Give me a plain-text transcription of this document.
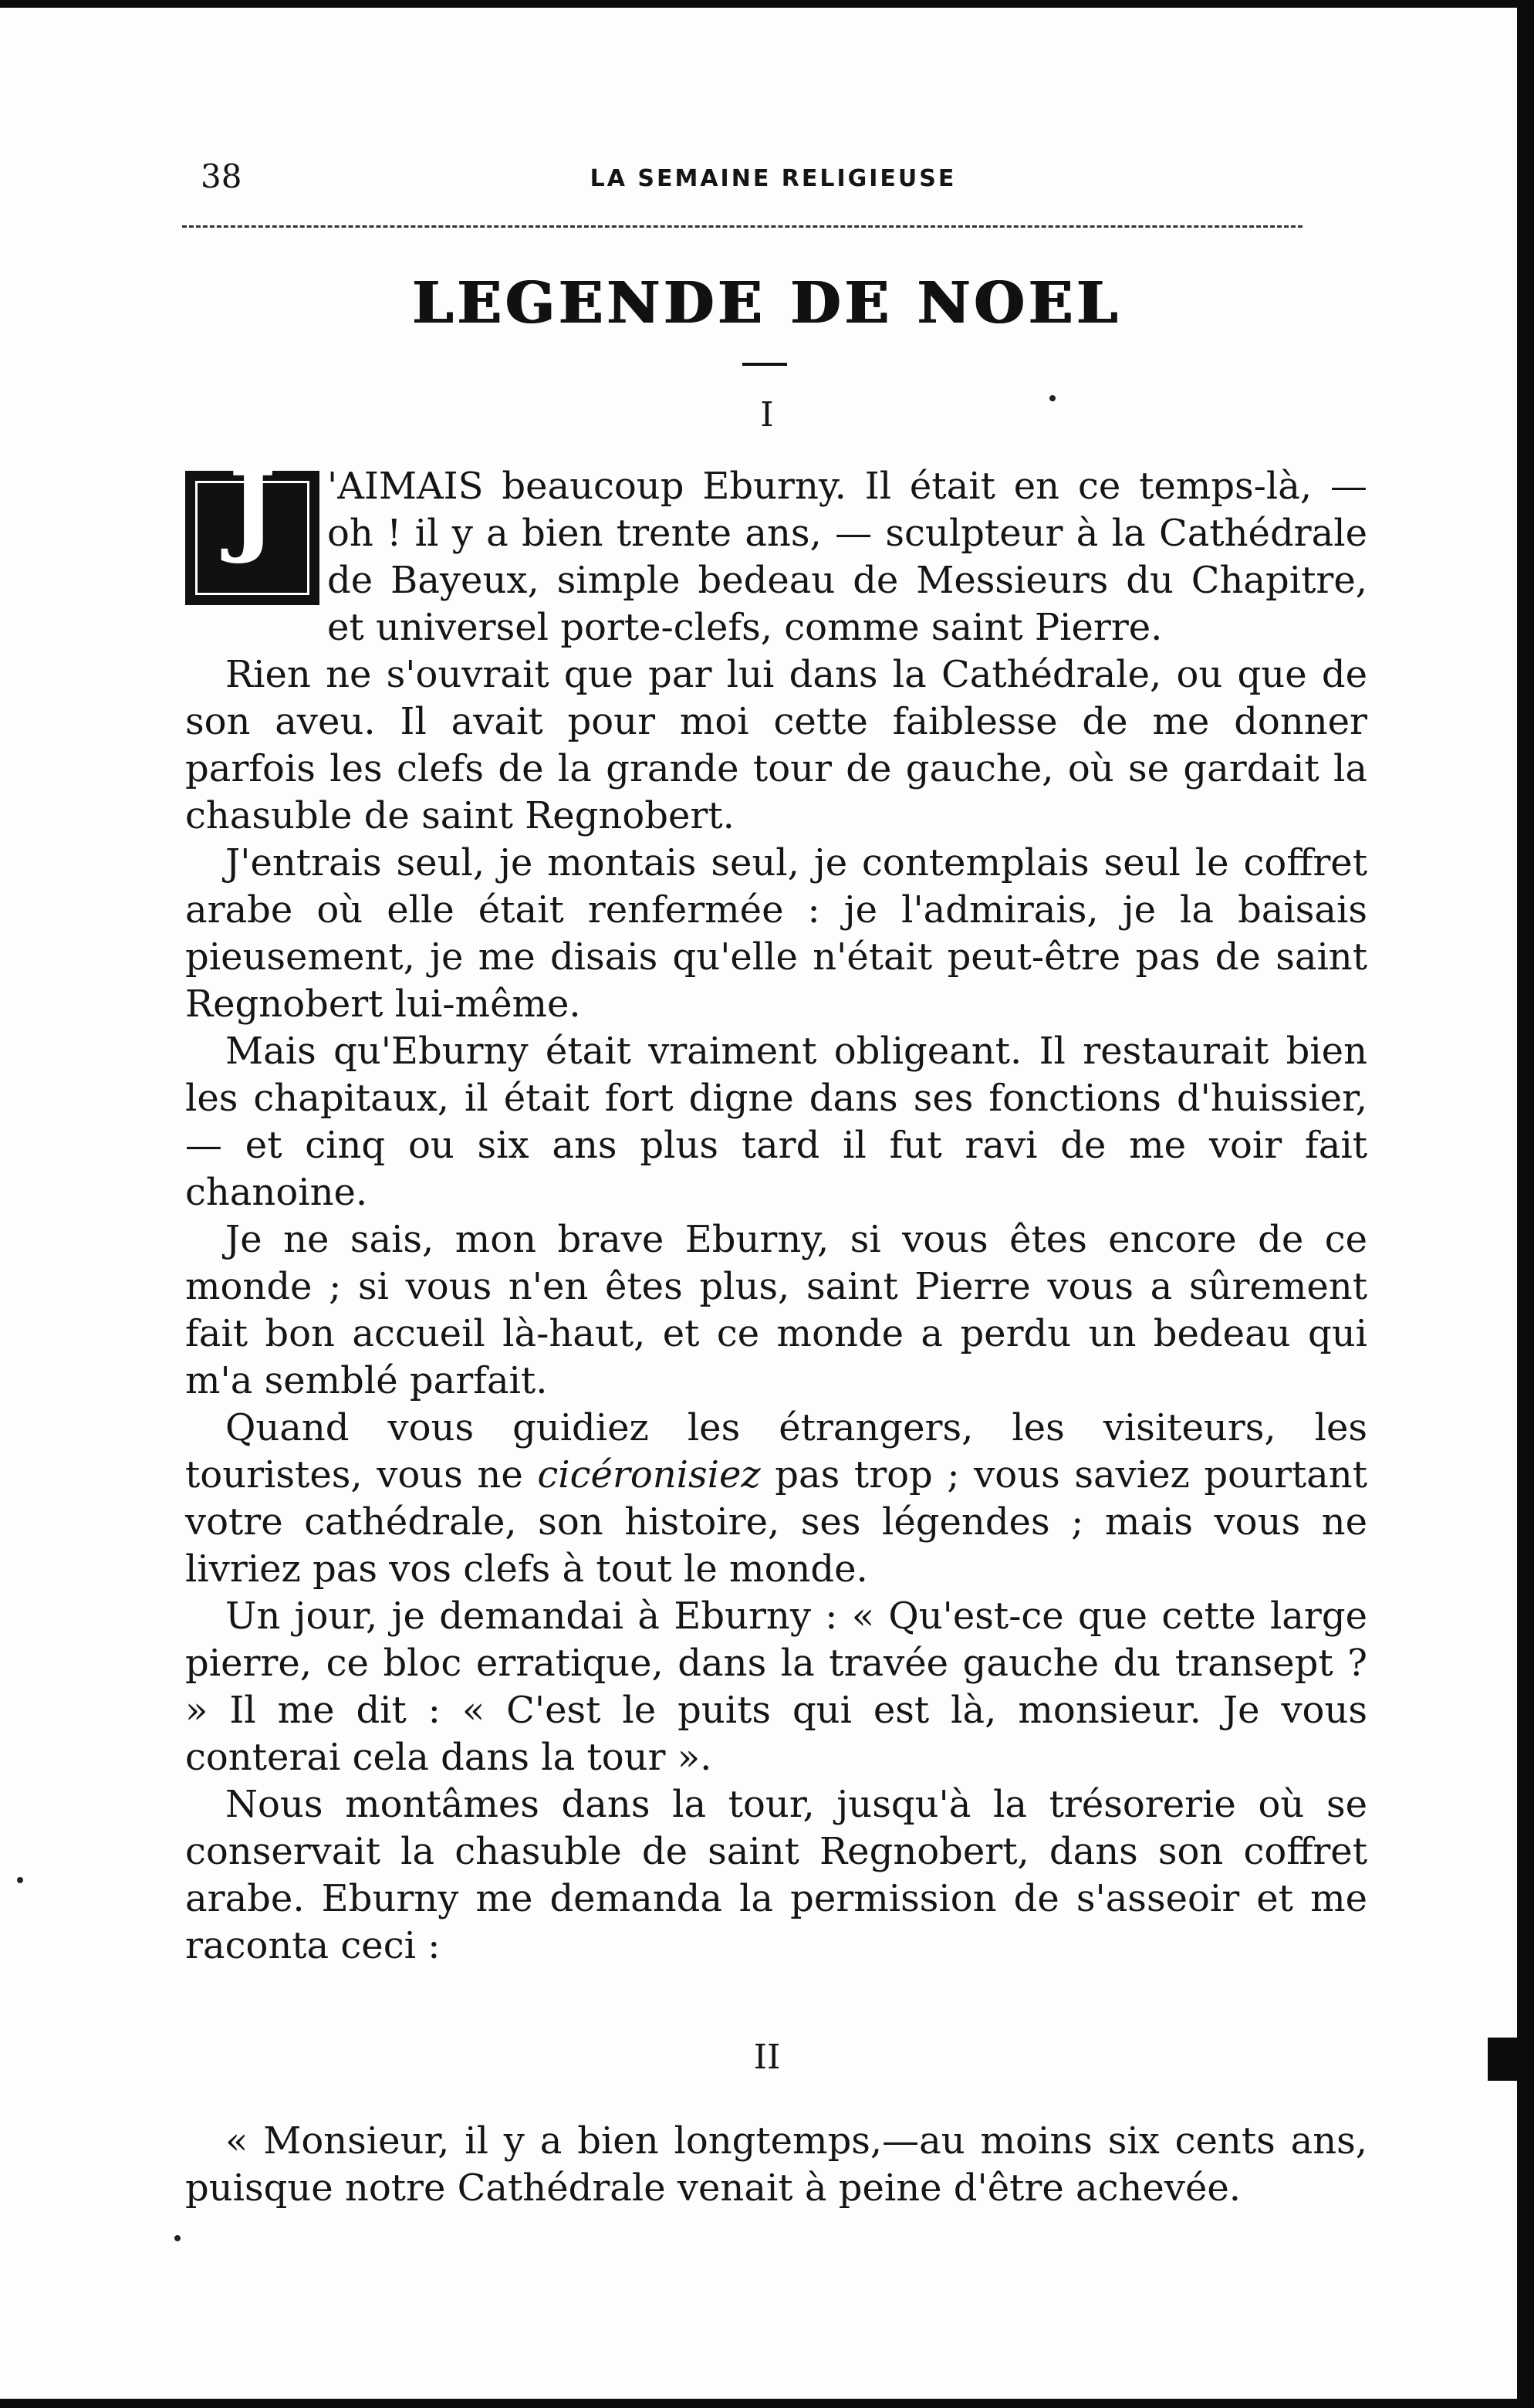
38	LA SEMAINE RELIGIEUSE
LEGENDE DE NOEL
I
J	'AIMAIS beaucoup Eburny. Il était en ce temps-là, — oh ! il y a bien trente ans, — sculpteur à la Cathédrale de Bayeux, simple bedeau de Messieurs du Chapitre, et universel porte-clefs, comme saint Pierre.

Rien ne s'ouvrait que par lui dans la Cathédrale, ou que de son aveu. Il avait pour moi cette faiblesse de me donner parfois les clefs de la grande tour de gauche, où se gardait la chasuble de saint Regnobert.

J'entrais seul, je montais seul, je contemplais seul le coffret arabe où elle était renfermée : je l'admirais, je la baisais pieusement, je me disais qu'elle n'était peut-être pas de saint Regnobert lui-même.

Mais qu'Eburny était vraiment obligeant. Il restaurait bien les chapitaux, il était fort digne dans ses fonctions d'huissier, — et cinq ou six ans plus tard il fut ravi de me voir fait chanoine.

Je ne sais, mon brave Eburny, si vous êtes encore de ce monde ; si vous n'en êtes plus, saint Pierre vous a sûrement fait bon accueil là-haut, et ce monde a perdu un bedeau qui m'a semblé parfait.

Quand vous guidiez les étrangers, les visiteurs, les touristes, vous ne cicéronisiez pas trop ; vous saviez pourtant votre cathédrale, son histoire, ses légendes ; mais vous ne livriez pas vos clefs à tout le monde.

Un jour, je demandai à Eburny : « Qu'est-ce que cette large pierre, ce bloc erratique, dans la travée gauche du transept ? » Il me dit : « C'est le puits qui est là, monsieur. Je vous conterai cela dans la tour ».

Nous montâmes dans la tour, jusqu'à la trésorerie où se conservait la chasuble de saint Regnobert, dans son coffret arabe. Eburny me demanda la permission de s'asseoir et me raconta ceci :

II

« Monsieur, il y a bien longtemps,—au moins six cents ans, puisque notre Cathédrale venait à peine d'être achevée.
